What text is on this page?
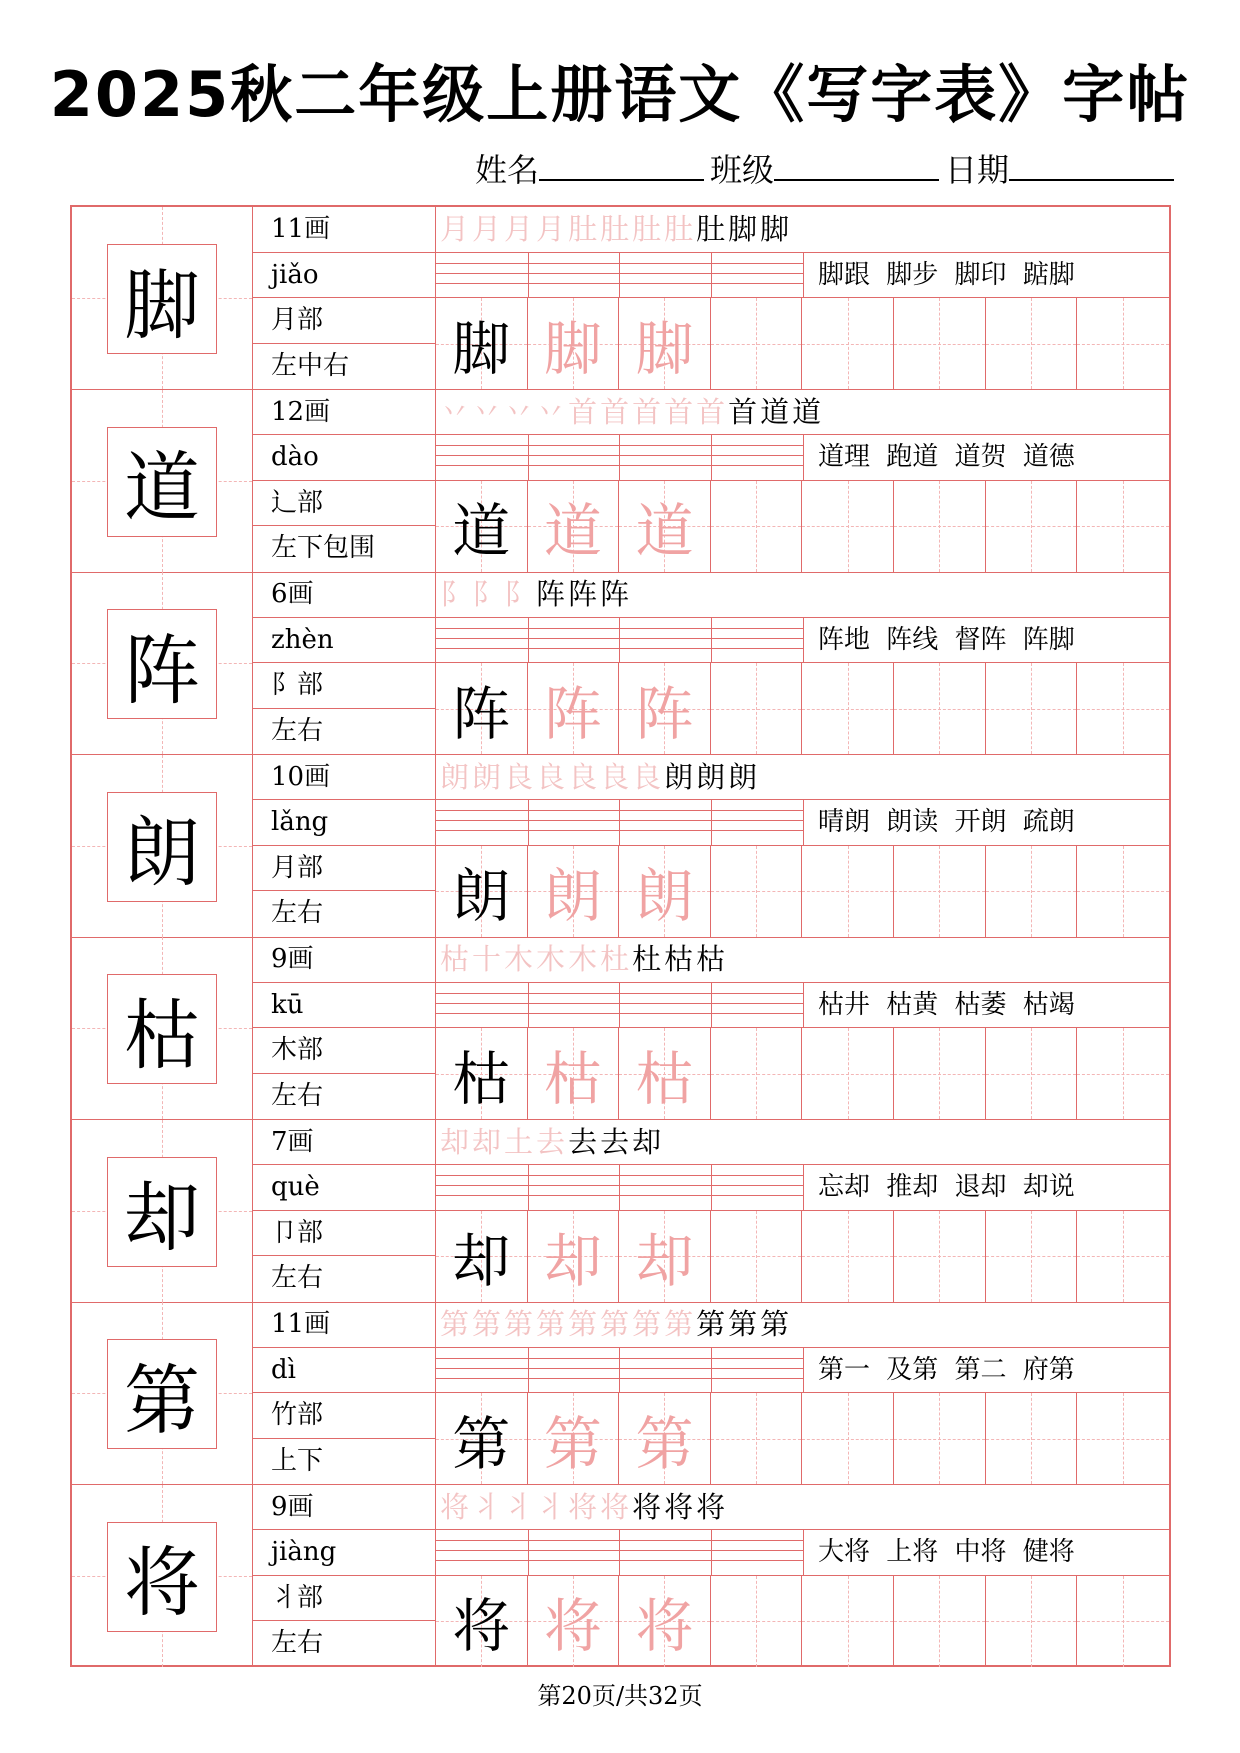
2025秋二年级上册语文《写字表》字帖
姓名	班级	日期
脚
11画
jiǎo
月部
左中右
月月月月肚肚肚肚肚脚脚
脚跟 脚步 脚印 踮脚
脚 脚 脚
道
12画
dào
辶部
左下包围
丷丷丷丷首首首首首首道道
道理 跑道 道贺 道德
道 道 道
阵
6画
zhèn
阝部
左右
阝阝阝阵阵阵
阵地 阵线 督阵 阵脚
阵 阵 阵
朗
10画
lǎng
月部
左右
朗朗良良良良良朗朗朗
晴朗 朗读 开朗 疏朗
朗 朗 朗
枯
9画
kū
木部
左右
枯十木木木杜杜枯枯
枯井 枯黄 枯萎 枯竭
枯 枯 枯
却
7画
què
卩部
左右
却却土去去去却
忘却 推却 退却 却说
却 却 却
第
11画
dì
竹部
上下
第第第第第第第第第第第
第一 及第 第二 府第
第 第 第
将
9画
jiàng
丬部
左右
将丬丬丬将将将将将
大将 上将 中将 健将
将 将 将
第20页/共32页
